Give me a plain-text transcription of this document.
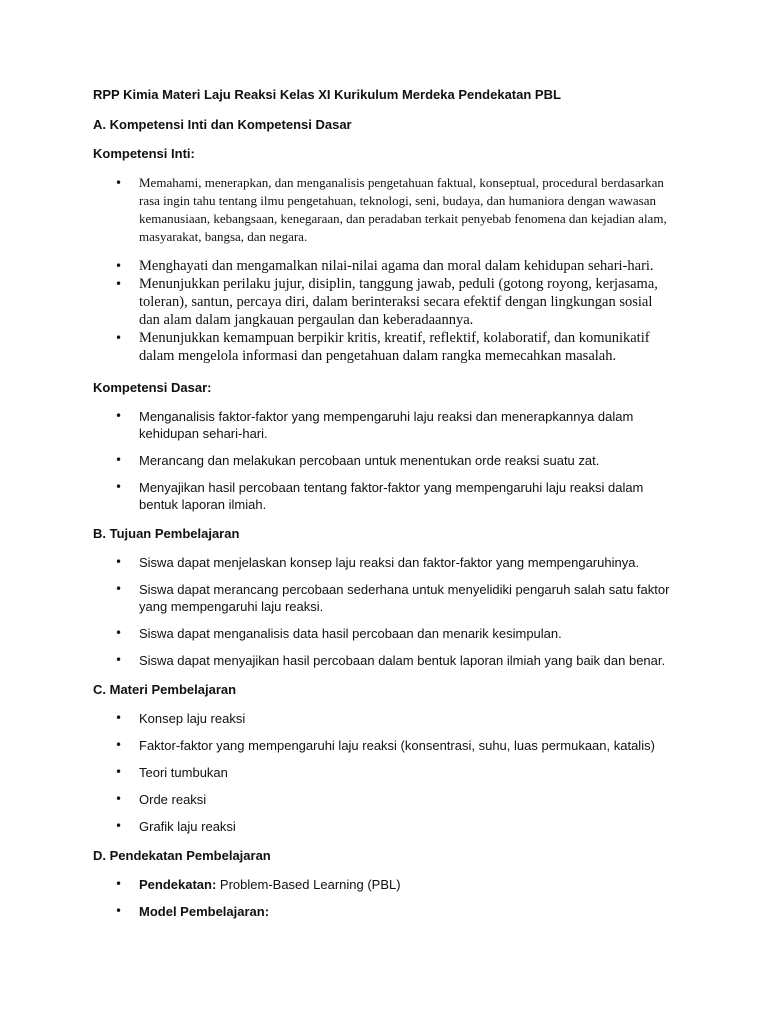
RPP Kimia Materi Laju Reaksi Kelas XI Kurikulum Merdeka Pendekatan PBL

A. Kompetensi Inti dan Kompetensi Dasar

Kompetensi Inti:

• Memahami, menerapkan, dan menganalisis pengetahuan faktual, konseptual, procedural berdasarkan rasa ingin tahu tentang ilmu pengetahuan, teknologi, seni, budaya, dan humaniora dengan wawasan kemanusiaan, kebangsaan, kenegaraan, dan peradaban terkait penyebab fenomena dan kejadian alam, masyarakat, bangsa, dan negara.
• Menghayati dan mengamalkan nilai-nilai agama dan moral dalam kehidupan sehari-hari.
• Menunjukkan perilaku jujur, disiplin, tanggung jawab, peduli (gotong royong, kerjasama, toleran), santun, percaya diri, dalam berinteraksi secara efektif dengan lingkungan sosial dan alam dalam jangkauan pergaulan dan keberadaannya.
• Menunjukkan kemampuan berpikir kritis, kreatif, reflektif, kolaboratif, dan komunikatif dalam mengelola informasi dan pengetahuan dalam rangka memecahkan masalah.

Kompetensi Dasar:

• Menganalisis faktor-faktor yang mempengaruhi laju reaksi dan menerapkannya dalam kehidupan sehari-hari.
• Merancang dan melakukan percobaan untuk menentukan orde reaksi suatu zat.
• Menyajikan hasil percobaan tentang faktor-faktor yang mempengaruhi laju reaksi dalam bentuk laporan ilmiah.

B. Tujuan Pembelajaran

• Siswa dapat menjelaskan konsep laju reaksi dan faktor-faktor yang mempengaruhinya.
• Siswa dapat merancang percobaan sederhana untuk menyelidiki pengaruh salah satu faktor yang mempengaruhi laju reaksi.
• Siswa dapat menganalisis data hasil percobaan dan menarik kesimpulan.
• Siswa dapat menyajikan hasil percobaan dalam bentuk laporan ilmiah yang baik dan benar.

C. Materi Pembelajaran

• Konsep laju reaksi
• Faktor-faktor yang mempengaruhi laju reaksi (konsentrasi, suhu, luas permukaan, katalis)
• Teori tumbukan
• Orde reaksi
• Grafik laju reaksi

D. Pendekatan Pembelajaran

• Pendekatan: Problem-Based Learning (PBL)
• Model Pembelajaran:
